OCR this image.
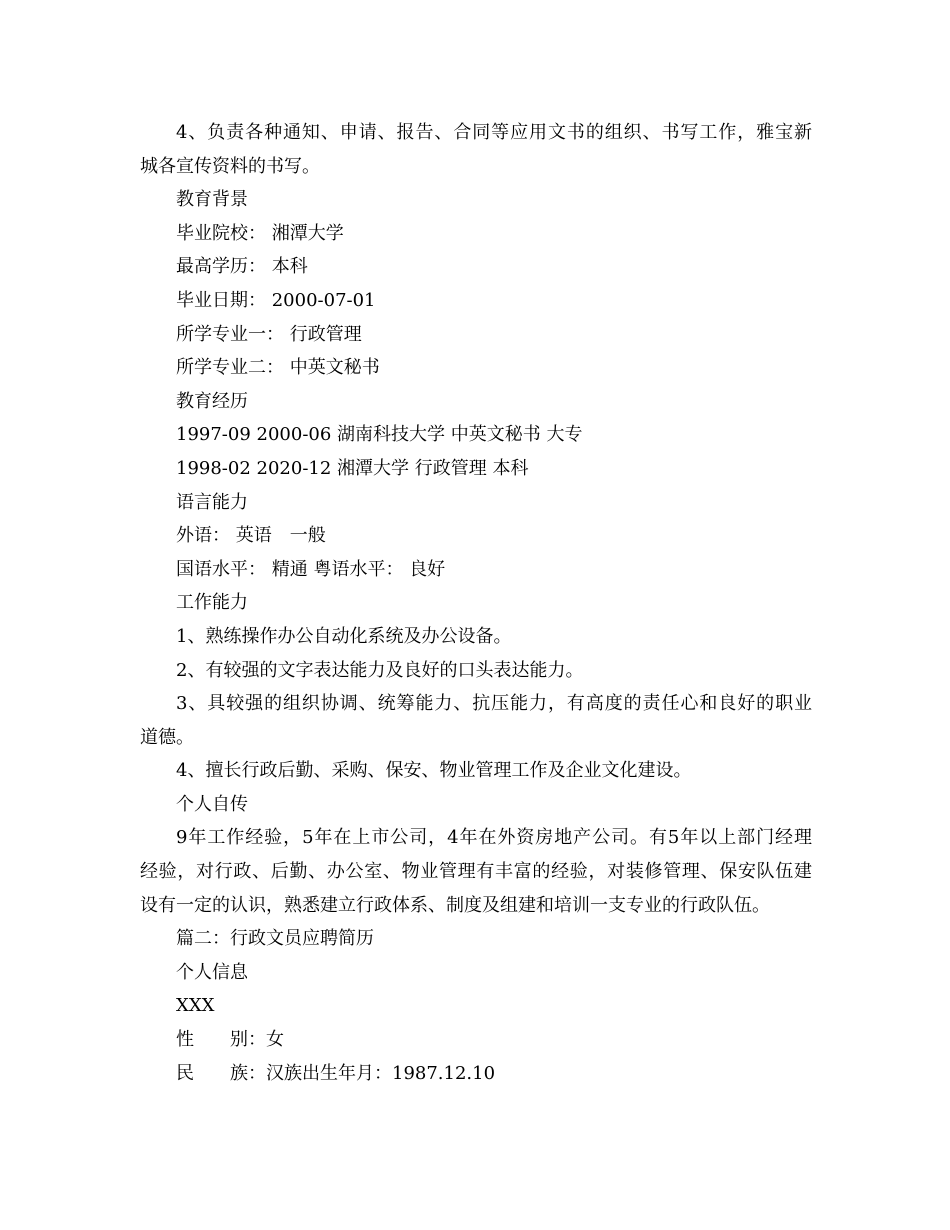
4、负责各种通知、申请、报告、合同等应用文书的组织、书写工作，雅宝新
城各宣传资料的书写。
教育背景
毕业院校： 湘潭大学
最高学历： 本科
毕业日期： 2000-07-01
所学专业一： 行政管理
所学专业二： 中英文秘书
教育经历
1997-09 2000-06 湖南科技大学 中英文秘书 大专
1998-02 2020-12 湘潭大学 行政管理 本科
语言能力
外语： 英语　一般
国语水平： 精通 粤语水平： 良好
工作能力
1、熟练操作办公自动化系统及办公设备。
2、有较强的文字表达能力及良好的口头表达能力。
3、具较强的组织协调、统筹能力、抗压能力，有高度的责任心和良好的职业
道德。
4、擅长行政后勤、采购、保安、物业管理工作及企业文化建设。
个人自传
9年工作经验，5年在上市公司，4年在外资房地产公司。有5年以上部门经理
经验，对行政、后勤、办公室、物业管理有丰富的经验，对装修管理、保安队伍建
设有一定的认识，熟悉建立行政体系、制度及组建和培训一支专业的行政队伍。
篇二：行政文员应聘简历
个人信息
XXX
性　　别：女
民　　族：汉族出生年月：1987.12.10
